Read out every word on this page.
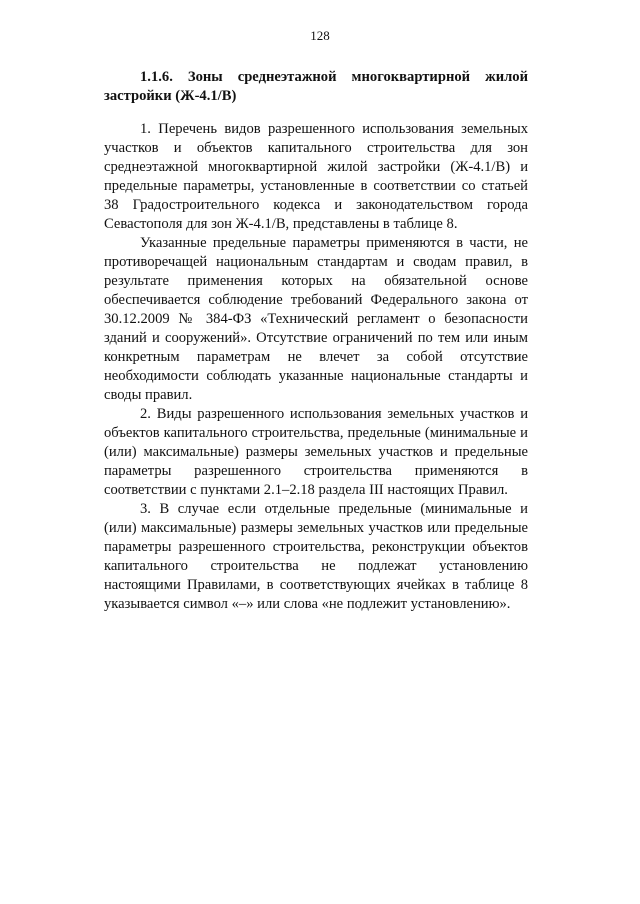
128
1.1.6. Зоны среднеэтажной многоквартирной жилой застройки (Ж-4.1/В)

1. Перечень видов разрешенного использования земельных участков и объектов капитального строительства для зон среднеэтажной многоквартирной жилой застройки (Ж-4.1/В) и предельные параметры, установленные в соответствии со статьей 38 Градостроительного кодекса и законодательством города Севастополя для зон Ж-4.1/В, представлены в таблице 8.

Указанные предельные параметры применяются в части, не противоречащей национальным стандартам и сводам правил, в результате применения которых на обязательной основе обеспечивается соблюдение требований Федерального закона от 30.12.2009 № 384-ФЗ «Технический регламент о безопасности зданий и сооружений». Отсутствие ограничений по тем или иным конкретным параметрам не влечет за собой отсутствие необходимости соблюдать указанные национальные стандарты и своды правил.

2. Виды разрешенного использования земельных участков и объектов капитального строительства, предельные (минимальные и (или) максимальные) размеры земельных участков и предельные параметры разрешенного строительства применяются в соответствии с пунктами 2.1–2.18 раздела III настоящих Правил.

3. В случае если отдельные предельные (минимальные и (или) максимальные) размеры земельных участков или предельные параметры разрешенного строительства, реконструкции объектов капитального строительства не подлежат установлению настоящими Правилами, в соответствующих ячейках в таблице 8 указывается символ «–» или слова «не подлежит установлению».
